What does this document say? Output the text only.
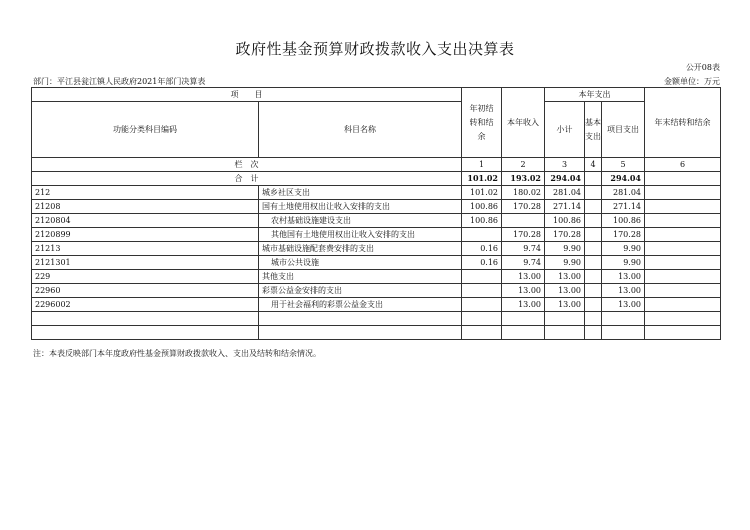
政府性基金预算财政拨款收入支出决算表
公开08表
部门：平江县瓮江镇人民政府2021年部门决算表	金额单位：万元
项　　目		年初结转和结余	本年收入	本年支出			年末结转和结余
功能分类科目编码	科目名称			小计	基本支出	项目支出	
栏　次		1	2	3	4	5	6
合　计		101.02	193.02	294.04		294.04	
212	城乡社区支出	101.02	180.02	281.04		281.04	
21208	国有土地使用权出让收入安排的支出	100.86	170.28	271.14		271.14	
2120804	农村基础设施建设支出	100.86		100.86		100.86	
2120899	其他国有土地使用权出让收入安排的支出		170.28	170.28		170.28	
21213	城市基础设施配套费安排的支出	0.16	9.74	9.90		9.90	
2121301	城市公共设施	0.16	9.74	9.90		9.90	
229	其他支出		13.00	13.00		13.00	
22960	彩票公益金安排的支出		13.00	13.00		13.00	
2296002	用于社会福利的彩票公益金支出		13.00	13.00		13.00	

注：本表反映部门本年度政府性基金预算财政拨款收入、支出及结转和结余情况。
